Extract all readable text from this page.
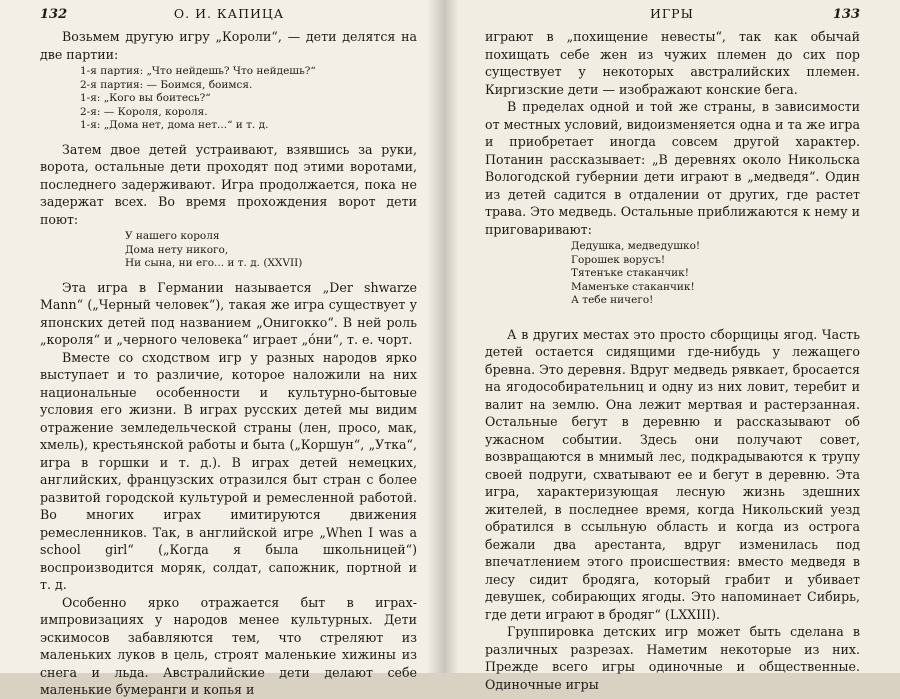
132	О. И. КАПИЦА

Возьмем другую игру „Короли“, — дети делятся на две партии:

1-я партия: „Что нейдешь? Что нейдешь?“
2-я партия: — Боимся, боимся.
1-я: „Кого вы боитесь?“
2-я: — Короля, короля.
1-я: „Дома нет, дома нет...“ и т. д.

Затем двое детей устраивают, взявшись за руки, ворота, остальные дети проходят под этими воротами, последнего задерживают. Игра продолжается, пока не задержат всех. Во время прохождения ворот дети поют:

У нашего короля
Дома нету никого,
Ни сына, ни его... и т. д. (XXVII)

Эта игра в Германии называется „Der shwarze Mann“ („Черный человек“), такая же игра существует у японских детей под названием „Онигокко“. В ней роль „короля“ и „черного человека“ играет „óни“, т. е. чорт.

Вместе со сходством игр у разных народов ярко выступает и то различие, которое наложили на них национальные особенности и культурно-бытовые условия его жизни. В играх русских детей мы видим отражение земледельческой страны (лен, просо, мак, хмель), крестьянской работы и быта („Коршун“, „Утка“, игра в горшки и т. д.). В играх детей немецких, английских, французских отразился быт стран с более развитой городской культурой и ремесленной работой. Во многих играх имитируются движения ремесленников. Так, в английской игре „When I was a school girl“ („Когда я была школьницей“) воспроизводится моряк, солдат, сапожник, портной и т. д.

Особенно ярко отражается быт в играх-импровизациях у народов менее культурных. Дети эскимосов забавляются тем, что стреляют из маленьких луков в цель, строят маленькие хижины из снега и льда. Австралийские дети делают себе маленькие бумеранги и копья и

ИГРЫ	133

играют в „похищение невесты“, так как обычай похищать себе жен из чужих племен до сих пор существует у некоторых австралийских племен. Киргизские дети — изображают конские бега.

В пределах одной и той же страны, в зависимости от местных условий, видоизменяется одна и та же игра и приобретает иногда совсем другой характер. Потанин рассказывает: „В деревнях около Никольска Вологодской губернии дети играют в „медведя“. Один из детей садится в отдалении от других, где растет трава. Это медведь. Остальные приближаются к нему и приговаривают:

Дедушка, медведушко!
Горошек ворусъ!
Тятенъке стаканчик!
Маменъке стаканчик!
А тебе ничего!

А в других местах это просто сборщицы ягод. Часть детей остается сидящими где-нибудь у лежащего бревна. Это деревня. Вдруг медведь рявкает, бросается на ягодособирательниц и одну из них ловит, теребит и валит на землю. Она лежит мертвая и растерзанная. Остальные бегут в деревню и рассказывают об ужасном событии. Здесь они получают совет, возвращаются в мнимый лес, подкрадываются к трупу своей подруги, схватывают ее и бегут в деревню. Эта игра, характеризующая лесную жизнь здешних жителей, в последнее время, когда Никольский уезд обратился в ссыльную область и когда из острога бежали два арестанта, вдруг изменилась под впечатлением этого происшествия: вместо медведя в лесу сидит бродяга, который грабит и убивает девушек, собирающих ягоды. Это напоминает Сибирь, где дети играют в бродяг“ (LXXIII).

Группировка детских игр может быть сделана в различных разрезах. Наметим некоторые из них. Прежде всего игры одиночные и общественные. Одиночные игры
